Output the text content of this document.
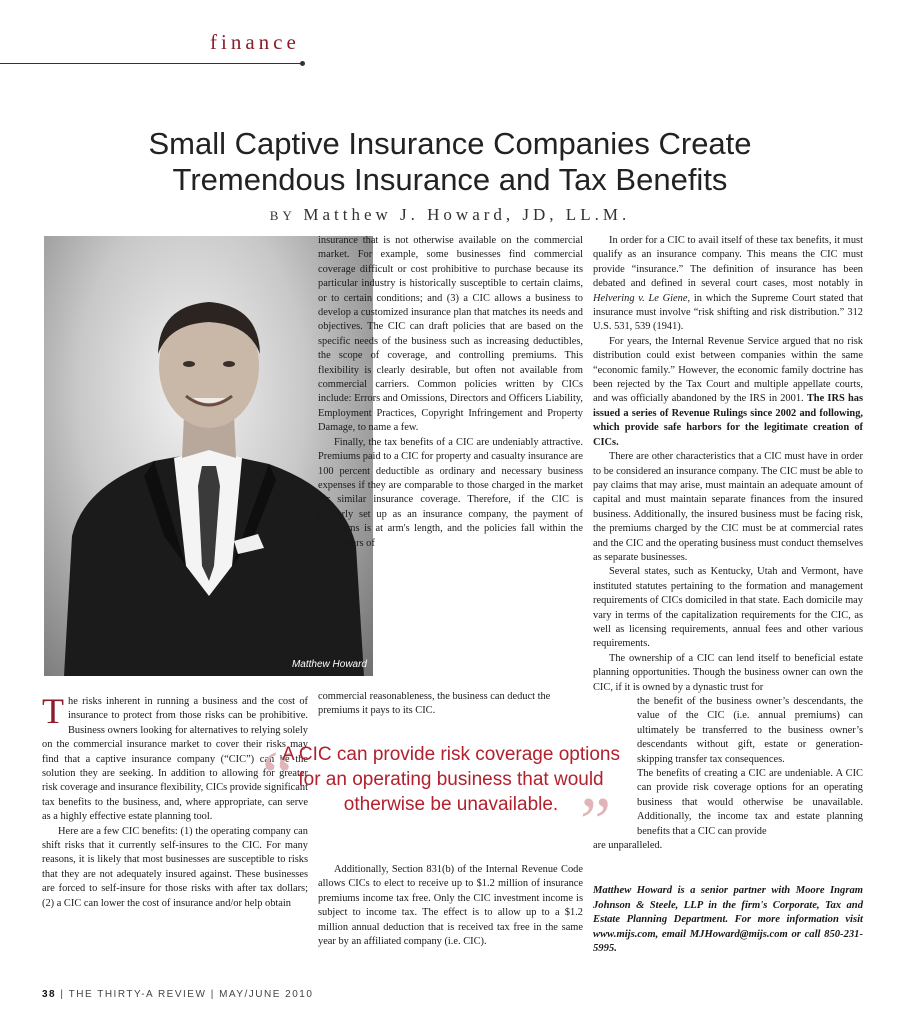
finance
Small Captive Insurance Companies Create
Tremendous Insurance and Tax Benefits
BY Matthew J. Howard, JD, LL.M.
Matthew Howard

The risks inherent in running a business and the cost of insurance to protect from those risks can be prohibitive. Business owners looking for alternatives to relying solely on the commercial insurance market to cover their risks may find that a captive insurance company (“CIC”) can be the solution they are seeking. In addition to allowing for greater risk coverage and insurance flexibility, CICs provide significant tax benefits to the business, and, where appropriate, can serve as a highly effective estate planning tool.

Here are a few CIC benefits: (1) the operating company can shift risks that it currently self-insures to the CIC. For many reasons, it is likely that most businesses are susceptible to risks that they are not adequately insured against. These businesses are forced to self-insure for those risks with after tax dollars; (2) a CIC can lower the cost of insurance and/or help obtain

insurance that is not otherwise available on the commercial market. For example, some businesses find commercial coverage difficult or cost prohibitive to purchase because its particular industry is historically susceptible to certain claims, or to certain conditions; and (3) a CIC allows a business to develop a customized insurance plan that matches its needs and objectives. The CIC can draft policies that are based on the specific needs of the business such as increasing deductibles, the scope of coverage, and controlling premiums. This flexibility is clearly desirable, but often not available from commercial carriers. Common policies written by CICs include: Errors and Omissions, Directors and Officers Liability, Employment Practices, Copyright Infringement and Property Damage, to name a few.

Finally, the tax benefits of a CIC are undeniably attractive. Premiums paid to a CIC for property and casualty insurance are 100 percent deductible as ordinary and necessary business expenses if they are comparable to those charged in the market for similar insurance coverage. Therefore, if the CIC is properly set up as an insurance company, the payment of premiums is at arm's length, and the policies fall within the parameters of

commercial reasonableness, the business can deduct the premiums it pays to its CIC.

“
A CIC can provide risk coverage options for an operating business that would otherwise be unavailable. ”

Additionally, Section 831(b) of the Internal Revenue Code allows CICs to elect to receive up to $1.2 million of insurance premiums income tax free. Only the CIC investment income is subject to income tax. The effect is to allow up to a $1.2 million annual deduction that is received tax free in the same year by an affiliated company (i.e. CIC).

In order for a CIC to avail itself of these tax benefits, it must qualify as an insurance company. This means the CIC must provide “insurance.” The definition of insurance has been debated and defined in several court cases, most notably in Helvering v. Le Giene, in which the Supreme Court stated that insurance must involve “risk shifting and risk distribution.” 312 U.S. 531, 539 (1941).

For years, the Internal Revenue Service argued that no risk distribution could exist between companies within the same “economic family.” However, the economic family doctrine has been rejected by the Tax Court and multiple appellate courts, and was officially abandoned by the IRS in 2001. The IRS has issued a series of Revenue Rulings since 2002 and following, which provide safe harbors for the legitimate creation of CICs.

There are other characteristics that a CIC must have in order to be considered an insurance company. The CIC must be able to pay claims that may arise, must maintain an adequate amount of capital and must maintain separate finances from the insured business. Additionally, the insured business must be facing risk, the premiums charged by the CIC must be at commercial rates and the CIC and the operating business must conduct themselves as separate businesses.

Several states, such as Kentucky, Utah and Vermont, have instituted statutes pertaining to the formation and management requirements of CICs domiciled in that state. Each domicile may vary in terms of the capitalization requirements for the CIC, as well as licensing requirements, annual fees and other various requirements.

The ownership of a CIC can lend itself to beneficial estate planning opportunities. Though the business owner can own the CIC, if it is owned by a dynastic trust for

the benefit of the business owner’s descendants, the value of the CIC (i.e. annual premiums) can ultimately be transferred to the business owner’s descendants without gift, estate or generation-skipping transfer tax consequences.

The benefits of creating a CIC are undeniable. A CIC can provide risk coverage options for an operating business that would otherwise be unavailable. Additionally, the income tax and estate planning benefits that a CIC can provide

are unparalleled.

Matthew Howard is a senior partner with Moore Ingram Johnson & Steele, LLP in the firm's Corporate, Tax and Estate Planning Department. For more information visit www.mijs.com, email MJHoward@mijs.com or call 850-231-5995.
38 | THE THIRTY-A REVIEW | MAY/JUNE 2010
